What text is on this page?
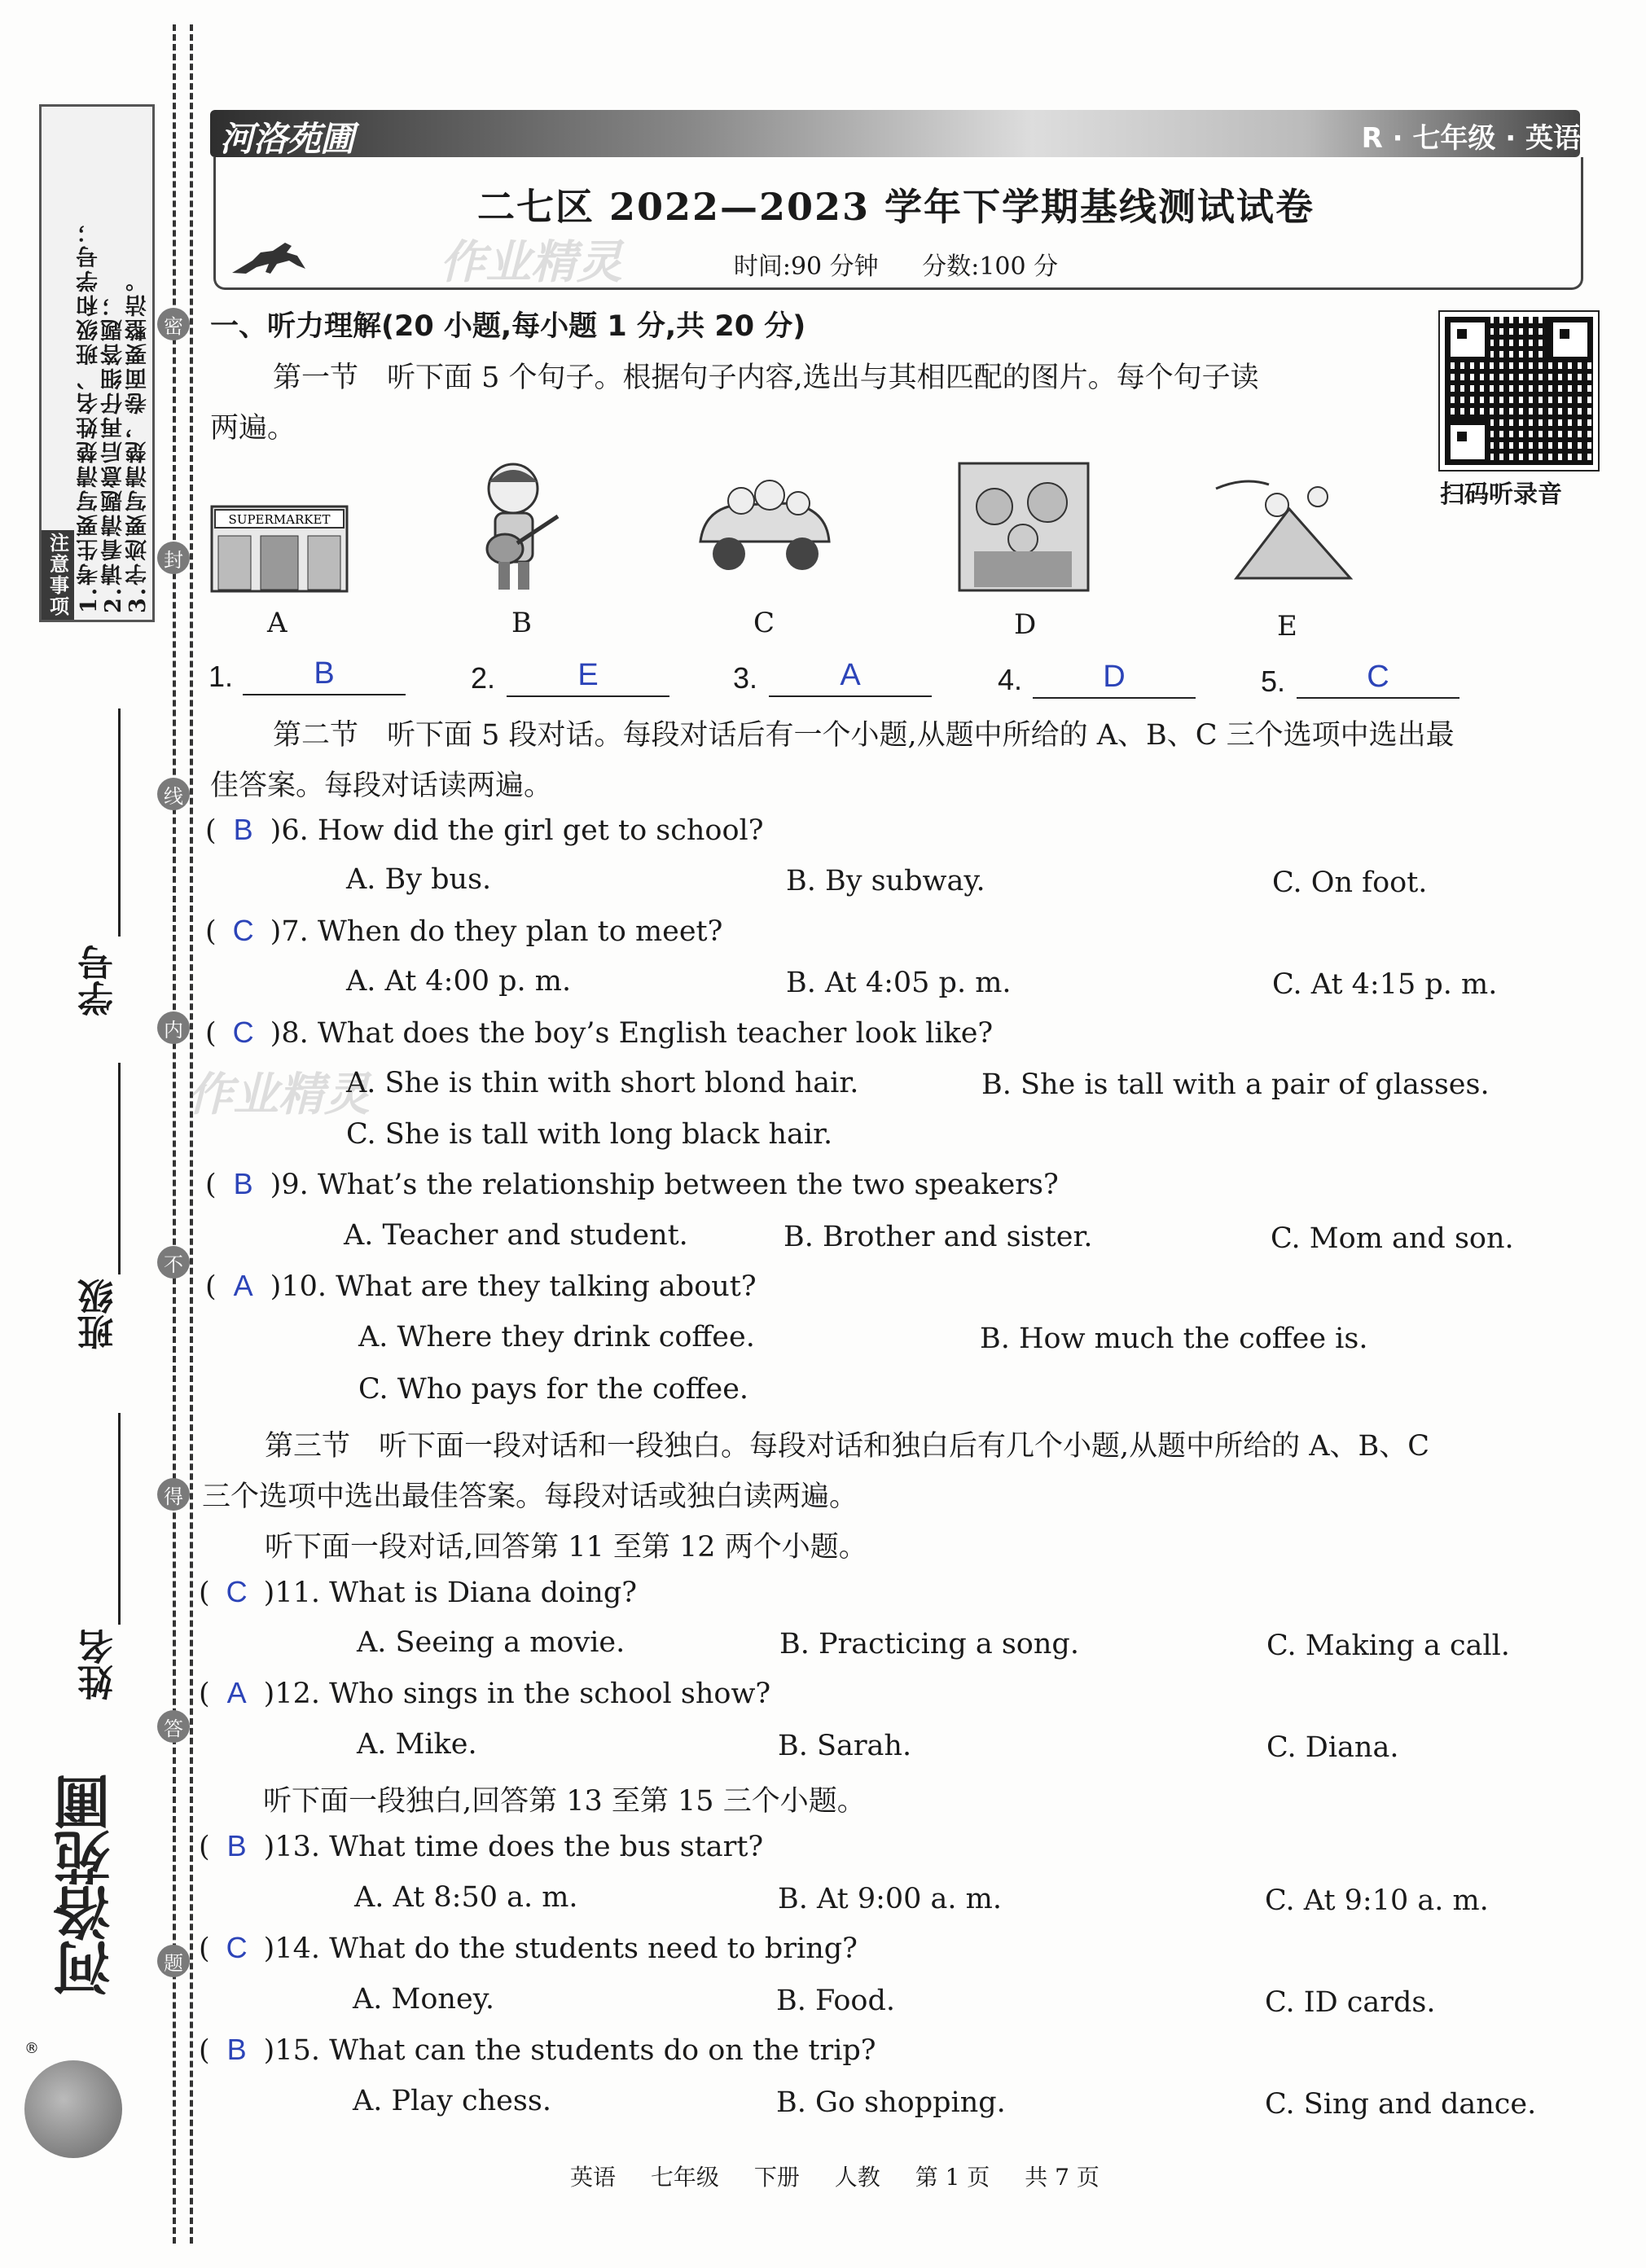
注意事项 1.考生要写清楚姓名、班级和学号； 2.请看清题意后再仔细答题； 3.字迹要写清楚，卷面要整洁。 密
封
线
内
不
得
答
题
学号
班级
姓名
河洛苑圃
®
河洛苑圃	R · 七年级 · 英语
二七区 2022—2023 学年下学期基线测试试卷
时间:90 分钟 分数:100 分
作业精灵
作业精灵
扫码听录音
一、听力理解(20 小题,每小题 1 分,共 20 分)
第一节　听下面 5 个句子。根据句子内容,选出与其相匹配的图片。每个句子读
两遍。
SUPERMARKET
A	B	C	D	E
1.	B	2.	E	3.	A	4.	D	5.	C
第二节　听下面 5 段对话。每段对话后有一个小题,从题中所给的 A、B、C 三个选项中选出最
佳答案。每段对话读两遍。
( B )6. How did the girl get to school?
A. By bus.	B. By subway.	C. On foot.
( C )7. When do they plan to meet?
A. At 4:00 p. m.	B. At 4:05 p. m.	C. At 4:15 p. m.
( C )8. What does the boy’s English teacher look like?
A. She is thin with short blond hair.	B. She is tall with a pair of glasses.
C. She is tall with long black hair.
( B )9. What’s the relationship between the two speakers?
A. Teacher and student.	B. Brother and sister.	C. Mom and son.
( A )10. What are they talking about?
A. Where they drink coffee.	B. How much the coffee is.
C. Who pays for the coffee.
第三节　听下面一段对话和一段独白。每段对话和独白后有几个小题,从题中所给的 A、B、C
三个选项中选出最佳答案。每段对话或独白读两遍。
听下面一段对话,回答第 11 至第 12 两个小题。
( C )11. What is Diana doing?
A. Seeing a movie.	B. Practicing a song.	C. Making a call.
( A )12. Who sings in the school show?
A. Mike.	B. Sarah.	C. Diana.
听下面一段独白,回答第 13 至第 15 三个小题。
( B )13. What time does the bus start?
A. At 8:50 a. m.	B. At 9:00 a. m.	C. At 9:10 a. m.
( C )14. What do the students need to bring?
A. Money.	B. Food.	C. ID cards.
( B )15. What can the students do on the trip?
A. Play chess.	B. Go shopping.	C. Sing and dance.
英语 七年级 下册 人教 第 1 页 共 7 页
